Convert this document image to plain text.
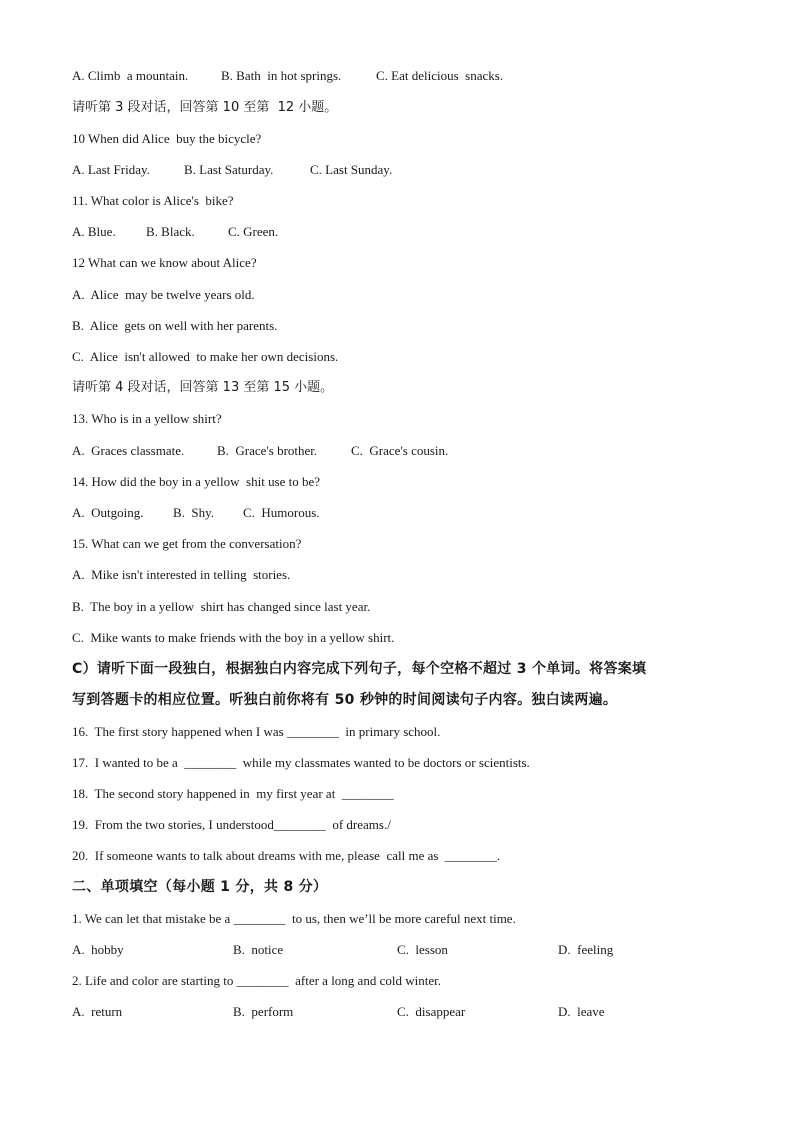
A. Climb  a mountain.	B. Bath  in hot springs.	C. Eat delicious  snacks.
请听第 3 段对话，回答第 10 至第  12 小题。
10 When did Alice  buy the bicycle?
A. Last Friday.	B. Last Saturday.	C. Last Sunday.
11. What color is Alice's  bike?
A. Blue. B. Black.	C. Green.
12 What can we know about Alice?
A.  Alice  may be twelve years old.
B.  Alice  gets on well with her parents.
C.  Alice  isn't allowed  to make her own decisions.
请听第 4 段对话，回答第 13 至第 15 小题。
13. Who is in a yellow shirt?
A.  Graces classmate.	B.  Grace's brother.	C.  Grace's cousin.
14. How did the boy in a yellow  shit use to be?
A.  Outgoing. B.  Shy. C.  Humorous.
15. What can we get from the conversation?
A.  Mike isn't interested in telling  stories.
B.  The boy in a yellow  shirt has changed since last year.
C.  Mike wants to make friends with the boy in a yellow shirt.
C）请听下面一段独白，根据独白内容完成下列句子，每个空格不超过 3 个单词。将答案填
写到答题卡的相应位置。听独白前你将有 50 秒钟的时间阅读句子内容。独白读两遍。
16.  The first story happened when I was ________  in primary school.
17.  I wanted to be a  ________  while my classmates wanted to be doctors or scientists.
18.  The second story happened in  my first year at  ________
19.  From the two stories, I understood________  of dreams./
20.  If someone wants to talk about dreams with me, please  call me as  ________.
二、单项填空（每小题 1 分，共 8 分）
1. We can let that mistake be a ________  to us, then we’ll be more careful next time.
A.  hobby	B.  notice	C.  lesson	D.  feeling
2. Life and color are starting to ________  after a long and cold winter.
A.  return	B.  perform	C.  disappear	D.  leave
